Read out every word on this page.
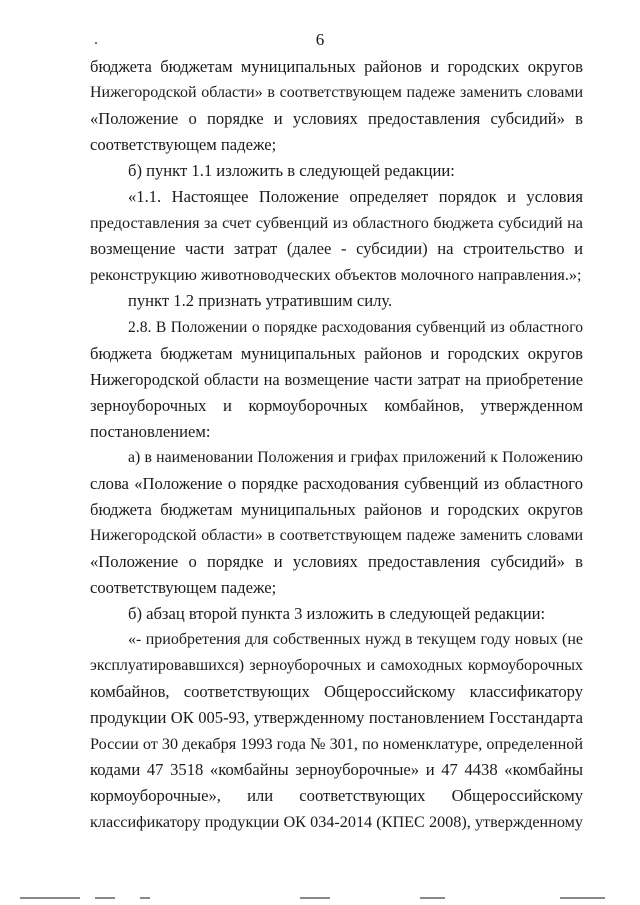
6
бюджета бюджетам муниципальных районов и городских округов
Нижегородской области» в соответствующем падеже заменить словами
«Положение о порядке и условиях предоставления субсидий» в
соответствующем падеже;
б) пункт 1.1 изложить в следующей редакции:
«1.1. Настоящее Положение определяет порядок и условия
предоставления за счет субвенций из областного бюджета субсидий на
возмещение части затрат (далее - субсидии) на строительство и
реконструкцию животноводческих объектов молочного направления.»;
пункт 1.2 признать утратившим силу.
2.8. В Положении о порядке расходования субвенций из областного
бюджета бюджетам муниципальных районов и городских округов
Нижегородской области на возмещение части затрат на приобретение
зерноуборочных и кормоуборочных комбайнов, утвержденном
постановлением:
а) в наименовании Положения и грифах приложений к Положению
слова «Положение о порядке расходования субвенций из областного
бюджета бюджетам муниципальных районов и городских округов
Нижегородской области» в соответствующем падеже заменить словами
«Положение о порядке и условиях предоставления субсидий» в
соответствующем падеже;
б) абзац второй пункта 3 изложить в следующей редакции:
«- приобретения для собственных нужд в текущем году новых (не
эксплуатировавшихся) зерноуборочных и самоходных кормоуборочных
комбайнов, соответствующих Общероссийскому классификатору
продукции ОК 005-93, утвержденному постановлением Госстандарта
России от 30 декабря 1993 года № 301, по номенклатуре, определенной
кодами 47 3518 «комбайны зерноуборочные» и 47 4438 «комбайны
кормоуборочные», или соответствующих Общероссийскому
классификатору продукции ОК 034-2014 (КПЕС 2008), утвержденному
